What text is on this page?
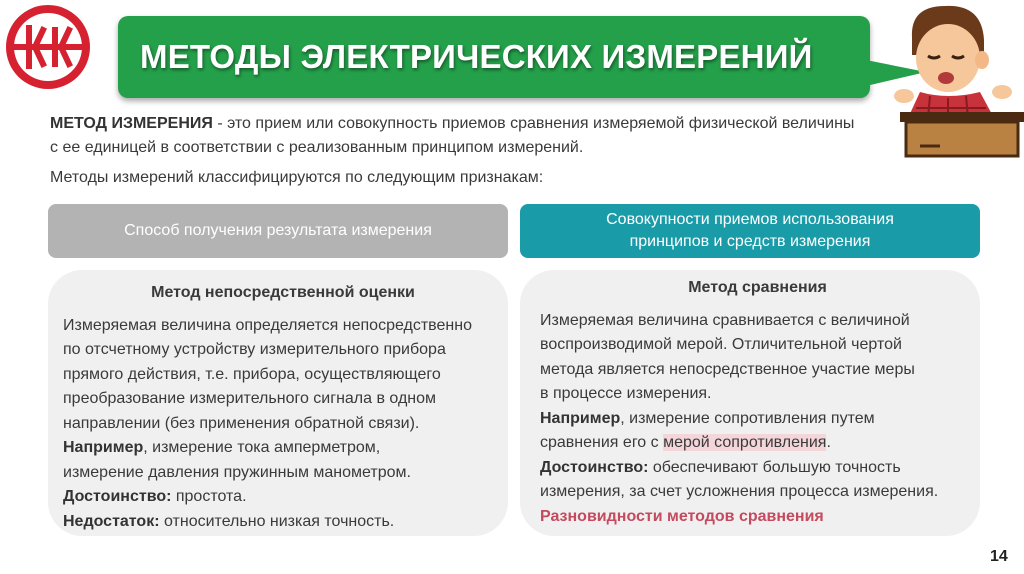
МЕТОДЫ ЭЛЕКТРИЧЕСКИХ ИЗМЕРЕНИЙ
МЕТОД ИЗМЕРЕНИЯ - это прием или совокупность приемов сравнения измеряемой физической величины
с ее единицей в соответствии с реализованным принципом измерений.
Методы измерений классифицируются по следующим признакам:
Способ получения результата измерения
Совокупности приемов использования
принципов и средств измерения
Метод непосредственной оценки
Измеряемая величина определяется непосредственно
по отсчетному устройству измерительного прибора
прямого действия, т.е. прибора, осуществляющего
преобразование измерительного сигнала в одном
направлении (без применения обратной связи).
Например, измерение тока амперметром,
измерение давления пружинным манометром.
Достоинство: простота.
Недостаток: относительно низкая точность.
Метод сравнения
Измеряемая величина сравнивается с величиной
воспроизводимой мерой. Отличительной чертой
метода является непосредственное участие меры
в процессе измерения.
Например, измерение сопротивления путем
сравнения его с мерой сопротивления.
Достоинство: обеспечивают большую точность
измерения, за счет усложнения процесса измерения.
Разновидности методов сравнения
14
